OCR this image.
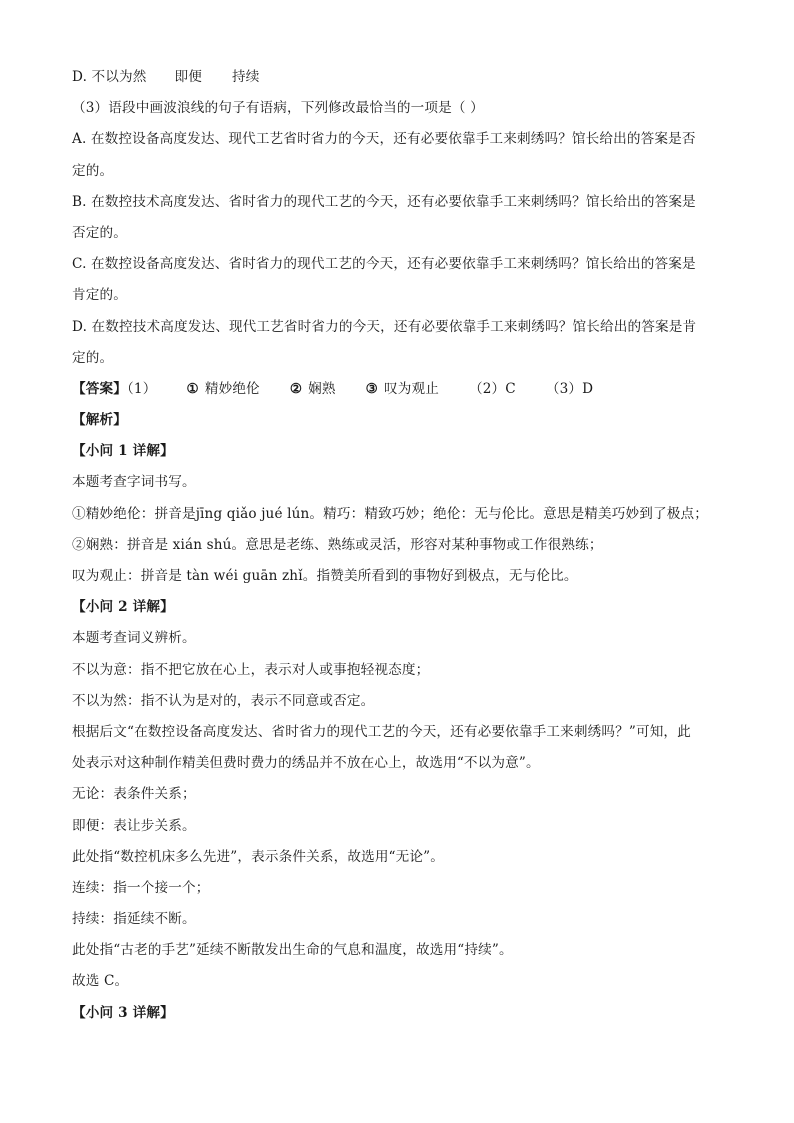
D. 不以为然 即便 持续
（3）语段中画波浪线的句子有语病，下列修改最恰当的一项是（ ）
A. 在数控设备高度发达、现代工艺省时省力的今天，还有必要依靠手工来刺绣吗？馆长给出的答案是否
定的。
B. 在数控技术高度发达、省时省力的现代工艺的今天，还有必要依靠手工来刺绣吗？馆长给出的答案是
否定的。
C. 在数控设备高度发达、省时省力的现代工艺的今天，还有必要依靠手工来刺绣吗？馆长给出的答案是
肯定的。
D. 在数控技术高度发达、现代工艺省时省力的今天，还有必要依靠手工来刺绣吗？馆长给出的答案是肯
定的。
【答案】（1） ① 精妙绝伦 ② 娴熟 ③ 叹为观止 （2）C （3）D
【解析】
【小问 1 详解】
本题考查字词书写。
①精妙绝伦：拼音是jīng qiǎo jué lún。精巧：精致巧妙；绝伦：无与伦比。意思是精美巧妙到了极点；
②娴熟：拼音是 xián shú。意思是老练、熟练或灵活，形容对某种事物或工作很熟练；
叹为观止：拼音是 tàn wéi guān zhǐ。指赞美所看到的事物好到极点，无与伦比。
【小问 2 详解】
本题考查词义辨析。
不以为意：指不把它放在心上，表示对人或事抱轻视态度；
不以为然：指不认为是对的，表示不同意或否定。
根据后文“在数控设备高度发达、省时省力的现代工艺的今天，还有必要依靠手工来刺绣吗？”可知，此
处表示对这种制作精美但费时费力的绣品并不放在心上，故选用“不以为意”。
无论：表条件关系；
即便：表让步关系。
此处指“数控机床多么先进”，表示条件关系，故选用“无论”。
连续：指一个接一个；
持续：指延续不断。
此处指“古老的手艺”延续不断散发出生命的气息和温度，故选用“持续”。
故选 C。
【小问 3 详解】
